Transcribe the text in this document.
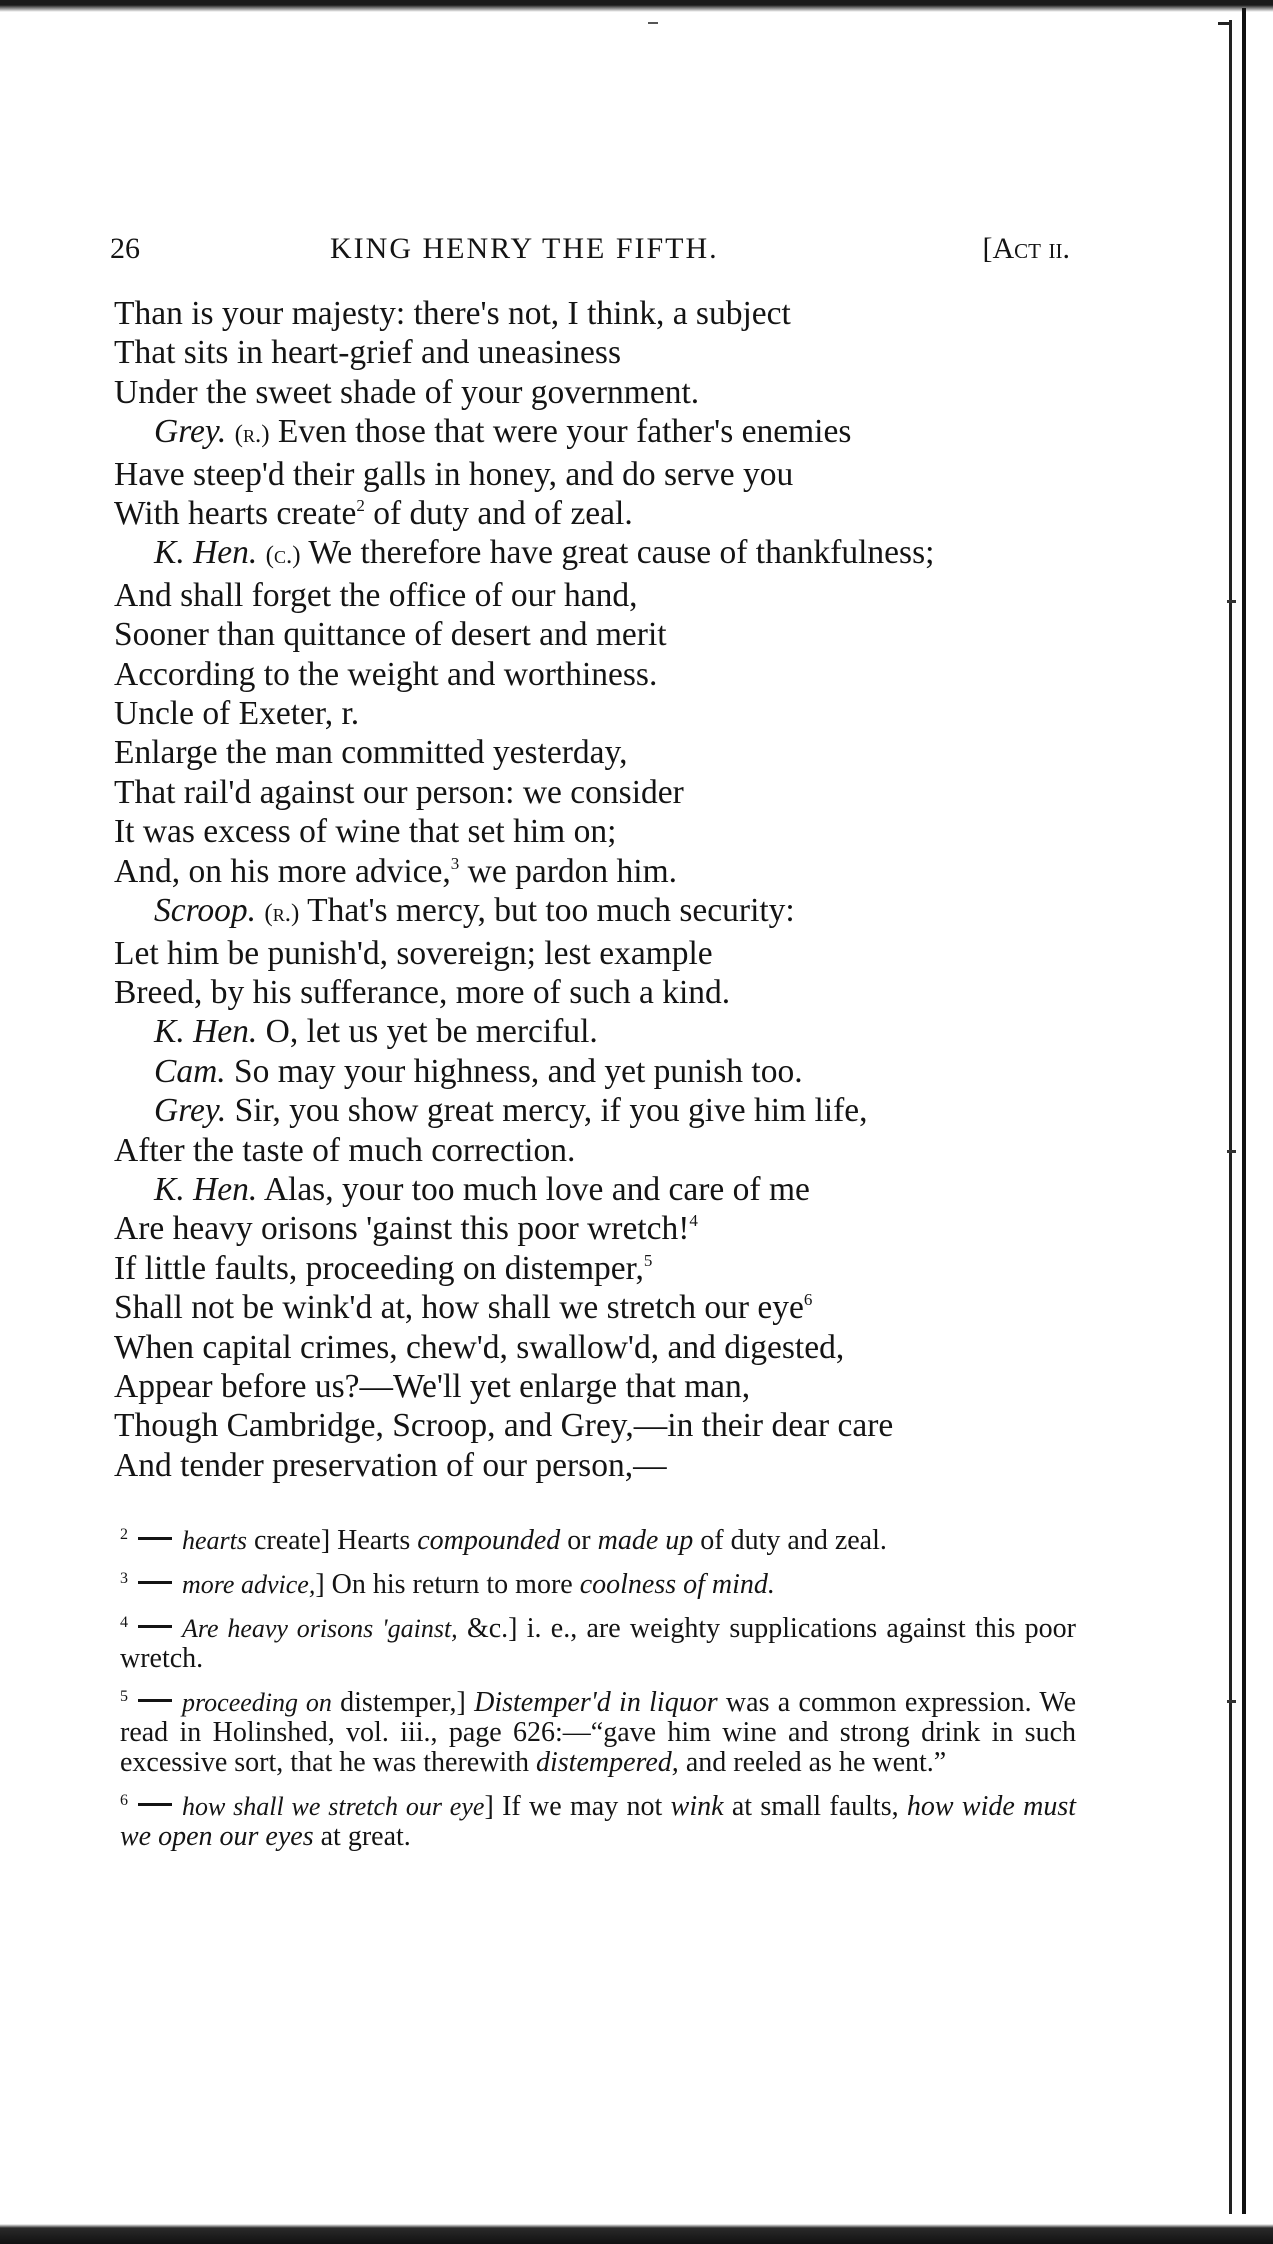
26	KING HENRY THE FIFTH.	[Act ii.
Than is your majesty: there's not, I think, a subject
That sits in heart-grief and uneasiness
Under the sweet shade of your government.
Grey. (r.) Even those that were your father's enemies
Have steep'd their galls in honey, and do serve you
With hearts create$^2$ of duty and of zeal.
K. Hen. (c.) We therefore have great cause of thankfulness;
And shall forget the office of our hand,
Sooner than quittance of desert and merit
According to the weight and worthiness.
Uncle of Exeter, r.
Enlarge the man committed yesterday,
That rail'd against our person: we consider
It was excess of wine that set him on;
And, on his more advice,$^3$ we pardon him.
Scroop. (r.) That's mercy, but too much security:
Let him be punish'd, sovereign; lest example
Breed, by his sufferance, more of such a kind.
K. Hen. O, let us yet be merciful.
Cam. So may your highness, and yet punish too.
Grey. Sir, you show great mercy, if you give him life,
After the taste of much correction.
K. Hen. Alas, your too much love and care of me
Are heavy orisons 'gainst this poor wretch!$^4$
If little faults, proceeding on distemper,$^5$
Shall not be wink'd at, how shall we stretch our eye$^6$
When capital crimes, chew'd, swallow'd, and digested,
Appear before us?—We'll yet enlarge that man,
Though Cambridge, Scroop, and Grey,—in their dear care
And tender preservation of our person,—
$^2$ hearts create] Hearts compounded or made up of duty and zeal.
$^3$ more advice,] On his return to more coolness of mind.
$^4$ Are heavy orisons 'gainst, &c.] i. e., are weighty supplications against this poor wretch.
$^5$ proceeding on distemper,] Distemper'd in liquor was a common expression. We read in Holinshed, vol. iii., page 626:—“gave him wine and strong drink in such excessive sort, that he was therewith distempered, and reeled as he went.”
$^6$ how shall we stretch our eye] If we may not wink at small faults, how wide must we open our eyes at great.
